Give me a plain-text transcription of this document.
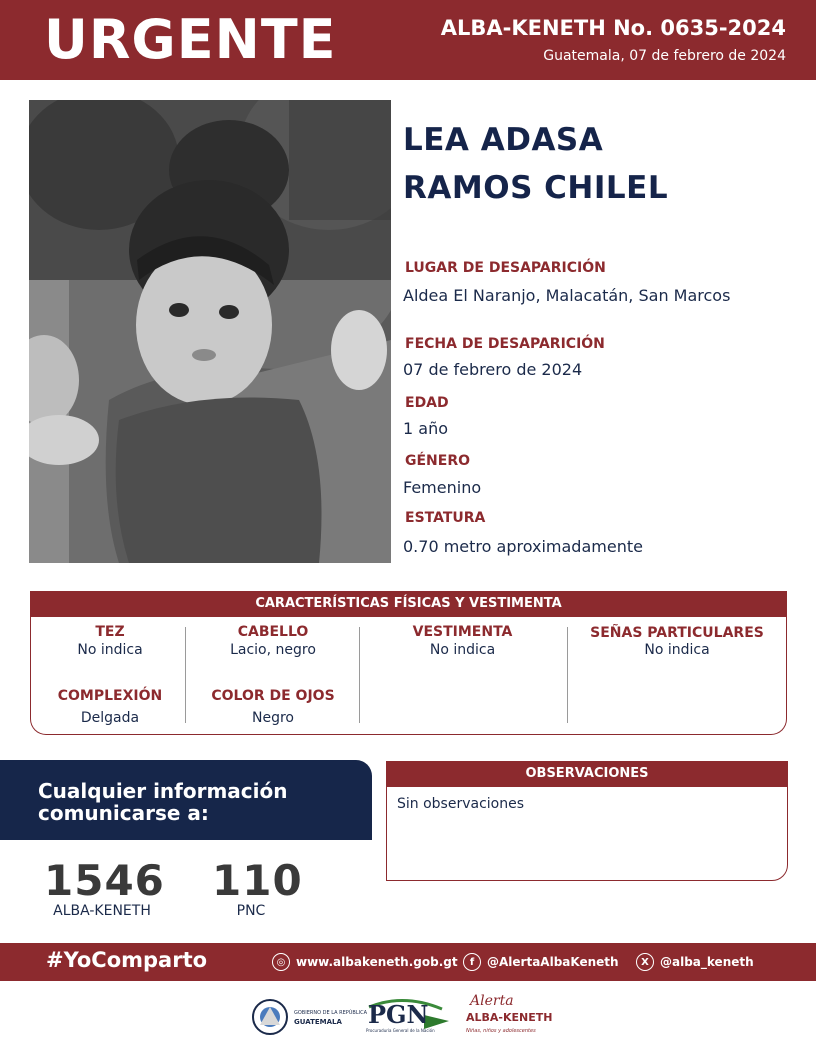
URGENTE	ALBA-KENETH No. 0635-2024
Guatemala, 07 de febrero de 2024
LEA ADASA
RAMOS CHILEL
LUGAR DE DESAPARICIÓN
Aldea El Naranjo, Malacatán, San Marcos
FECHA DE DESAPARICIÓN
07 de febrero de 2024
EDAD
1 año
GÉNERO
Femenino
ESTATURA
0.70 metro aproximadamente
CARACTERÍSTICAS FÍSICAS Y VESTIMENTA
TEZ
No indica
COMPLEXIÓN
Delgada
CABELLO
Lacio, negro
COLOR DE OJOS
Negro
VESTIMENTA
No indica
SEÑAS PARTICULARES
No indica
Cualquier información
comunicarse a:
1546
ALBA-KENETH
110
PNC
OBSERVACIONES
Sin observaciones
#YoComparto	◎ www.albakeneth.gob.gt	f	@AlertaAlbaKeneth	X @alba_keneth
GOBIERNO DE LA REPÚBLICA
GUATEMALA PGN
Procuraduría General de la Nación
Alerta
ALBA-KENETH
Niñas, niños y adolescentes
